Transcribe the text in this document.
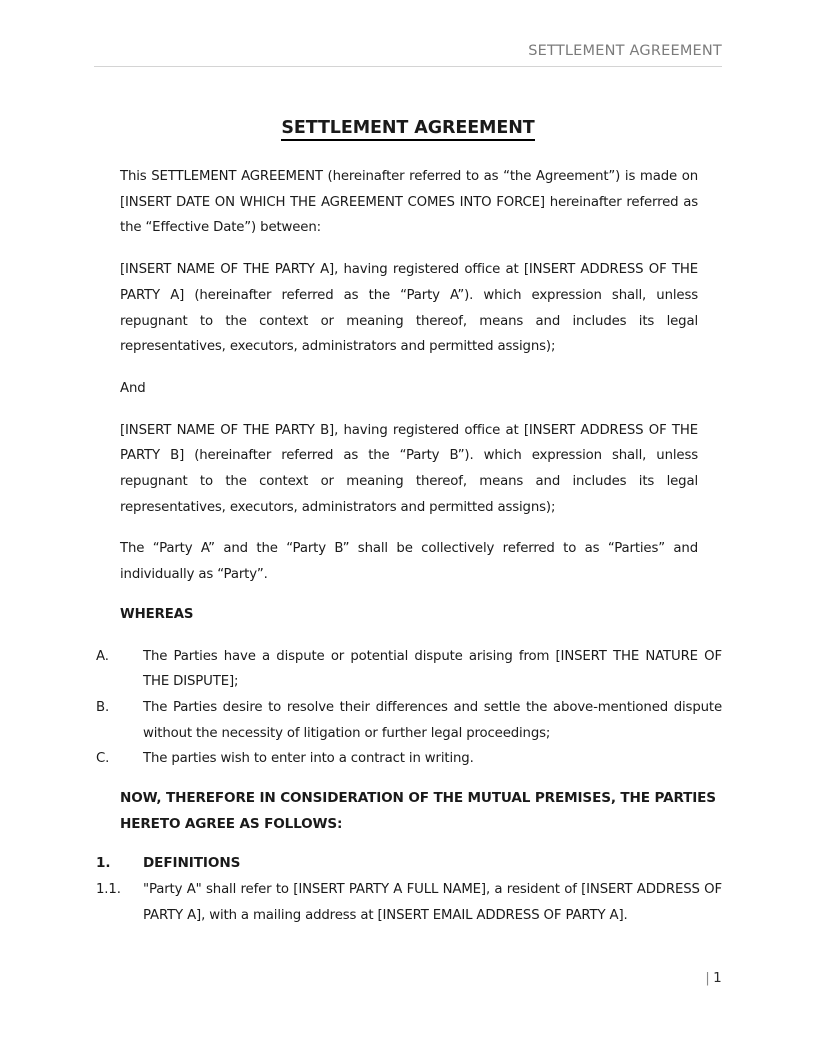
SETTLEMENT AGREEMENT
SETTLEMENT AGREEMENT

This SETTLEMENT AGREEMENT (hereinafter referred to as “the Agreement”) is made on [INSERT DATE ON WHICH THE AGREEMENT COMES INTO FORCE] hereinafter referred as the “Effective Date”) between:

[INSERT NAME OF THE PARTY A], having registered office at [INSERT ADDRESS OF THE PARTY A] (hereinafter referred as the “Party A”). which expression shall, unless repugnant to the context or meaning thereof, means and includes its legal representatives, executors, administrators and permitted assigns);

And

[INSERT NAME OF THE PARTY B], having registered office at [INSERT ADDRESS OF THE PARTY B] (hereinafter referred as the “Party B”). which expression shall, unless repugnant to the context or meaning thereof, means and includes its legal representatives, executors, administrators and permitted assigns);

The “Party A” and the “Party B” shall be collectively referred to as “Parties” and individually as “Party”.

WHEREAS
A.	The Parties have a dispute or potential dispute arising from [INSERT THE NATURE OF THE DISPUTE];
B.	The Parties desire to resolve their differences and settle the above-mentioned dispute without the necessity of litigation or further legal proceedings;
C.	The parties wish to enter into a contract in writing.
NOW, THEREFORE IN CONSIDERATION OF THE MUTUAL PREMISES, THE PARTIES HERETO AGREE AS FOLLOWS:
1.	DEFINITIONS
1.1.	"Party A" shall refer to [INSERT PARTY A FULL NAME], a resident of [INSERT ADDRESS OF PARTY A], with a mailing address at [INSERT EMAIL ADDRESS OF PARTY A].
| 1
